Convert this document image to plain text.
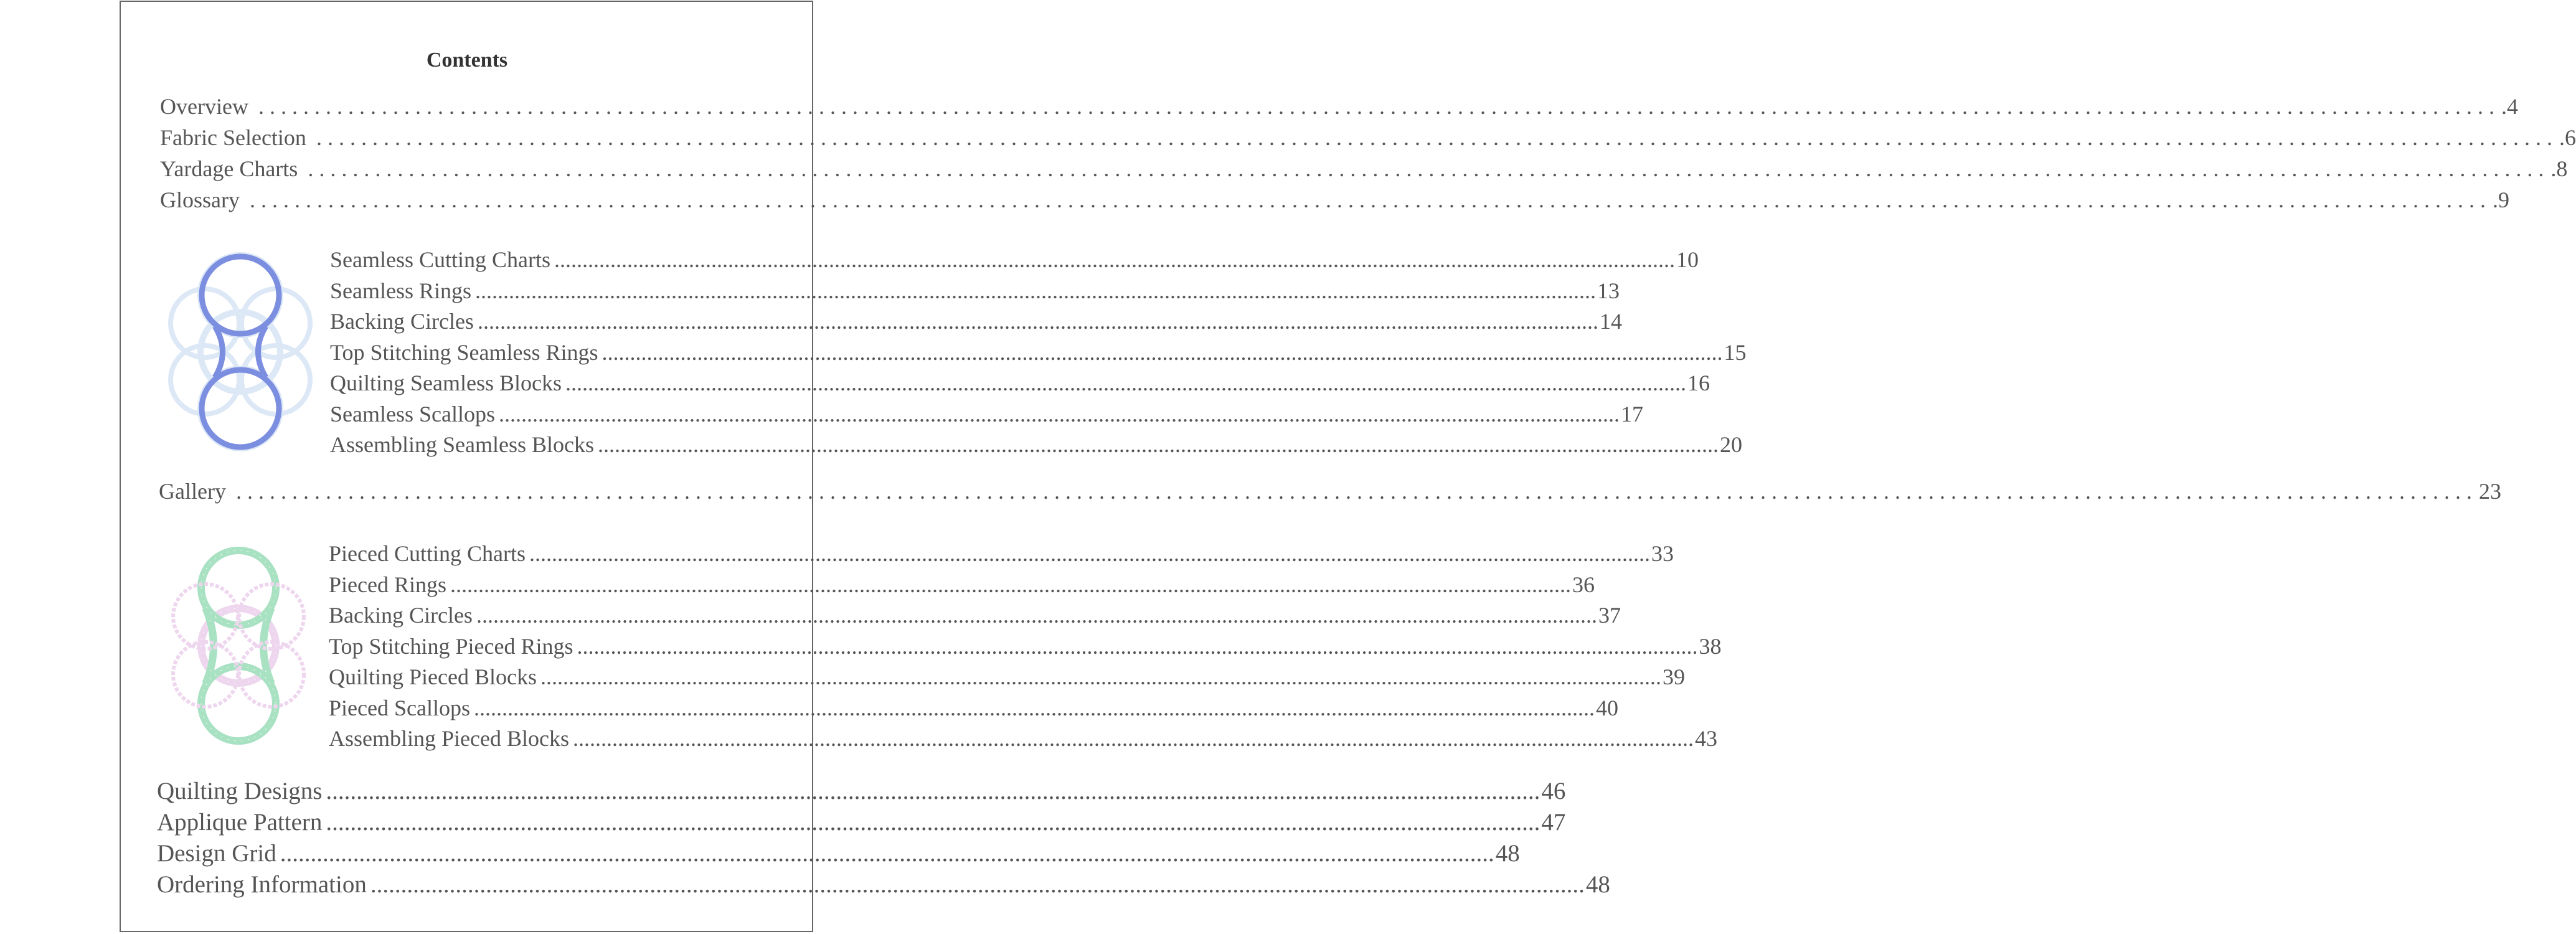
Contents
Overview ........................................................................................................................................................................................................ .4
Fabric Selection ........................................................................................................................................................................................................ .6
Yardage Charts ........................................................................................................................................................................................................ .8
Glossary ........................................................................................................................................................................................................ .9
Seamless Cutting Charts ........................................................................................................................................................................................................ 10
Seamless Rings ........................................................................................................................................................................................................ 13
Backing Circles ........................................................................................................................................................................................................ 14
Top Stitching Seamless Rings ........................................................................................................................................................................................................ 15
Quilting Seamless Blocks ........................................................................................................................................................................................................ 16
Seamless Scallops ........................................................................................................................................................................................................ 17
Assembling Seamless Blocks ........................................................................................................................................................................................................ 20
Gallery ........................................................................................................................................................................................................ 23
Pieced Cutting Charts ........................................................................................................................................................................................................ 33
Pieced Rings ........................................................................................................................................................................................................ 36
Backing Circles ........................................................................................................................................................................................................ 37
Top Stitching Pieced Rings ........................................................................................................................................................................................................ 38
Quilting Pieced Blocks ........................................................................................................................................................................................................ 39
Pieced Scallops ........................................................................................................................................................................................................ 40
Assembling Pieced Blocks ........................................................................................................................................................................................................ 43
Quilting Designs ........................................................................................................................................................................................................ 46
Applique Pattern ........................................................................................................................................................................................................ 47
Design Grid ........................................................................................................................................................................................................ 48
Ordering Information ........................................................................................................................................................................................................ 48
